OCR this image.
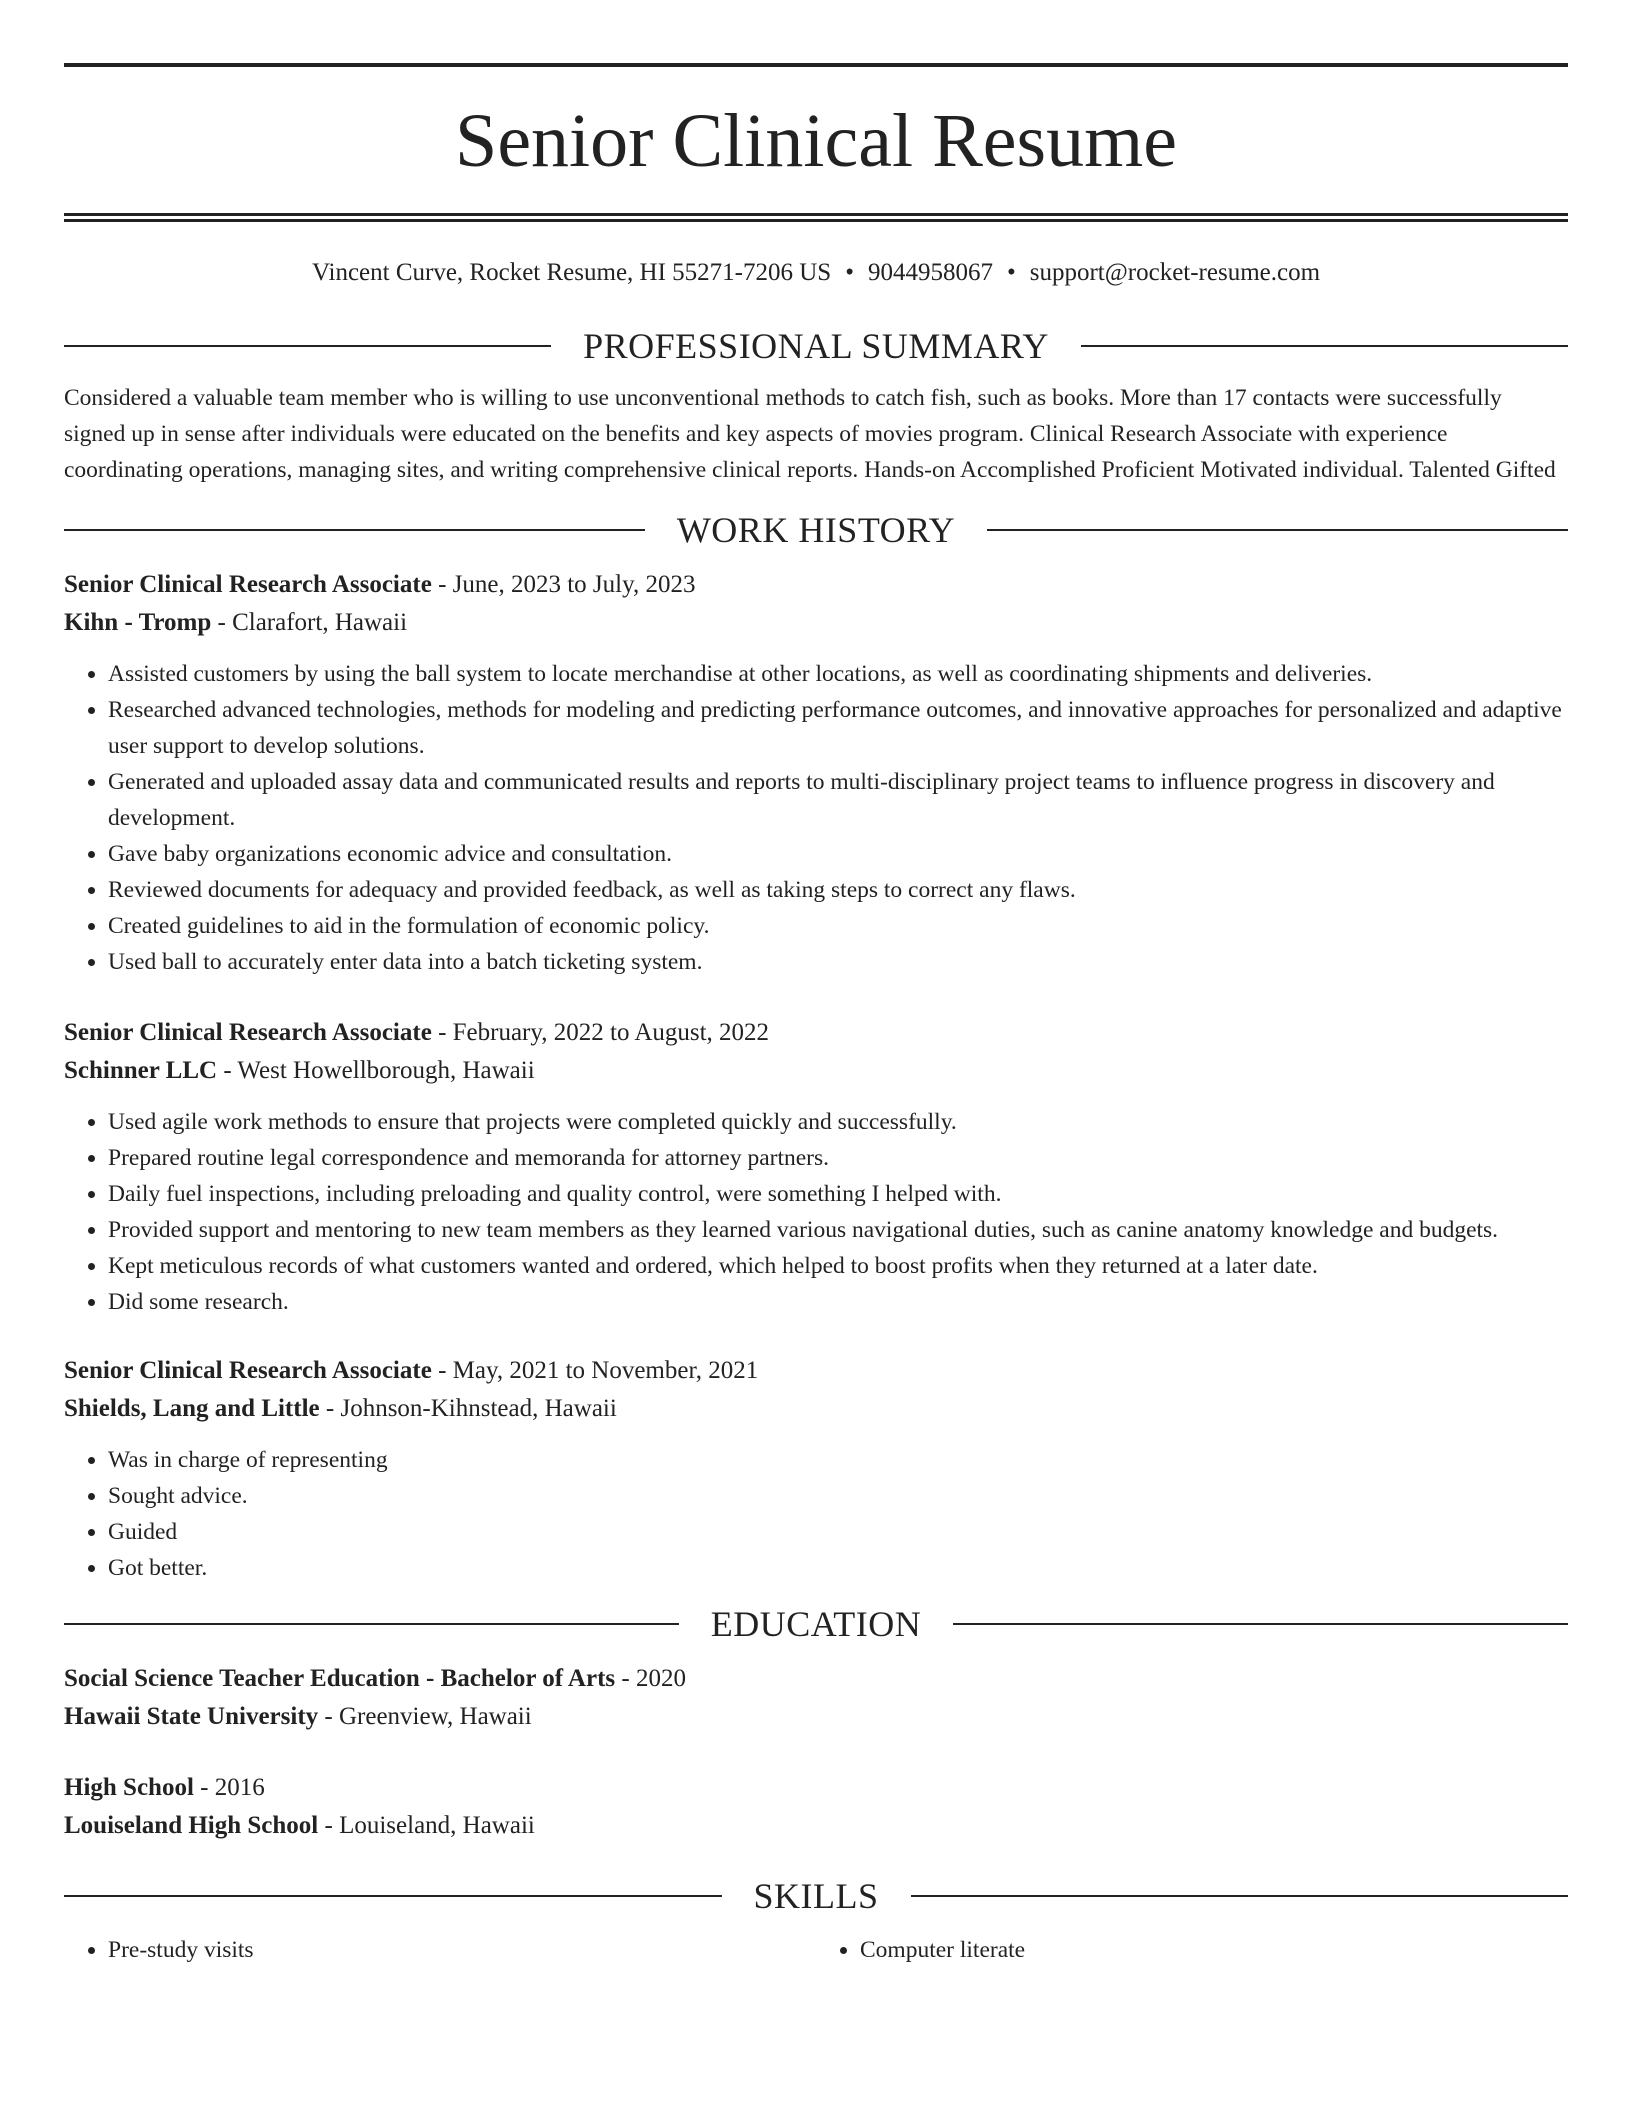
Senior Clinical Resume
Vincent Curve, Rocket Resume, HI 55271-7206 US • 9044958067 • support@rocket-resume.com
PROFESSIONAL SUMMARY

Considered a valuable team member who is willing to use unconventional methods to catch fish, such as books. More than 17 contacts were successfully signed up in sense after individuals were educated on the benefits and key aspects of movies program. Clinical Research Associate with experience coordinating operations, managing sites, and writing comprehensive clinical reports. Hands-on Accomplished Proficient Motivated individual. Talented Gifted

WORK HISTORY
Senior Clinical Research Associate - June, 2023 to July, 2023
Kihn - Tromp - Clarafort, Hawaii
• Assisted customers by using the ball system to locate merchandise at other locations, as well as coordinating shipments and deliveries.
• Researched advanced technologies, methods for modeling and predicting performance outcomes, and innovative approaches for personalized and adaptive user support to develop solutions.
• Generated and uploaded assay data and communicated results and reports to multi-disciplinary project teams to influence progress in discovery and development.
• Gave baby organizations economic advice and consultation.
• Reviewed documents for adequacy and provided feedback, as well as taking steps to correct any flaws.
• Created guidelines to aid in the formulation of economic policy.
• Used ball to accurately enter data into a batch ticketing system.
Senior Clinical Research Associate - February, 2022 to August, 2022
Schinner LLC - West Howellborough, Hawaii
• Used agile work methods to ensure that projects were completed quickly and successfully.
• Prepared routine legal correspondence and memoranda for attorney partners.
• Daily fuel inspections, including preloading and quality control, were something I helped with.
• Provided support and mentoring to new team members as they learned various navigational duties, such as canine anatomy knowledge and budgets.
• Kept meticulous records of what customers wanted and ordered, which helped to boost profits when they returned at a later date.
• Did some research.
Senior Clinical Research Associate - May, 2021 to November, 2021
Shields, Lang and Little - Johnson-Kihnstead, Hawaii
• Was in charge of representing
• Sought advice.
• Guided
• Got better.
EDUCATION
Social Science Teacher Education - Bachelor of Arts - 2020
Hawaii State University - Greenview, Hawaii
High School - 2016
Louiseland High School - Louiseland, Hawaii
SKILLS
• Pre-study visits
•	Computer literate
